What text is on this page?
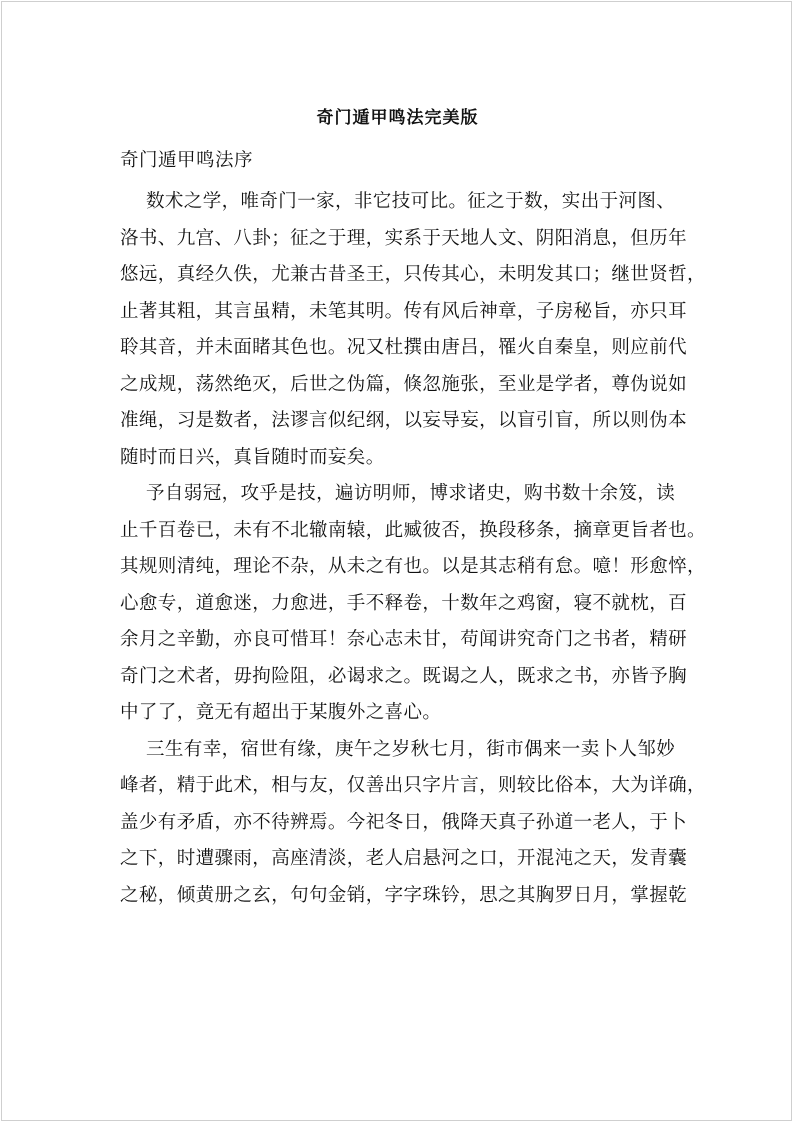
奇门遁甲鸣法完美版
奇门遁甲鸣法序
数术之学，唯奇门一家，非它技可比。征之于数，实出于河图、
洛书、九宫、八卦；征之于理，实系于天地人文、阴阳消息，但历年
悠远，真经久佚，尤兼古昔圣王，只传其心，未明发其口；继世贤哲，
止著其粗，其言虽精，未笔其明。传有风后神章，子房秘旨，亦只耳
聆其音，并未面睹其色也。况又杜撰由唐吕，罹火自秦皇，则应前代
之成规，荡然绝灭，后世之伪篇，倏忽施张，至业是学者，尊伪说如
准绳，习是数者，法谬言似纪纲，以妄导妄，以盲引盲，所以则伪本
随时而日兴，真旨随时而妄矣。
予自弱冠，攻乎是技，遍访明师，博求诸史，购书数十余笈，读
止千百卷已，未有不北辙南辕，此臧彼否，换段移条，摘章更旨者也。
其规则清纯，理论不杂，从未之有也。以是其志稍有怠。噫！形愈悴，
心愈专，道愈迷，力愈进，手不释卷，十数年之鸡窗，寝不就枕，百
余月之辛勤，亦良可惜耳！奈心志未甘，苟闻讲究奇门之书者，精研
奇门之术者，毋拘险阻，必谒求之。既谒之人，既求之书，亦皆予胸
中了了，竟无有超出于某腹外之喜心。
三生有幸，宿世有缘，庚午之岁秋七月，街市偶来一卖卜人邹妙
峰者，精于此术，相与友，仅善出只字片言，则较比俗本，大为详确，
盖少有矛盾，亦不待辨焉。今祀冬日，俄降天真子孙道一老人，于卜
之下，时遭骤雨，高座清淡，老人启悬河之口，开混沌之天，发青囊
之秘，倾黄册之玄，句句金销，字字珠钤，思之其胸罗日月，掌握乾
